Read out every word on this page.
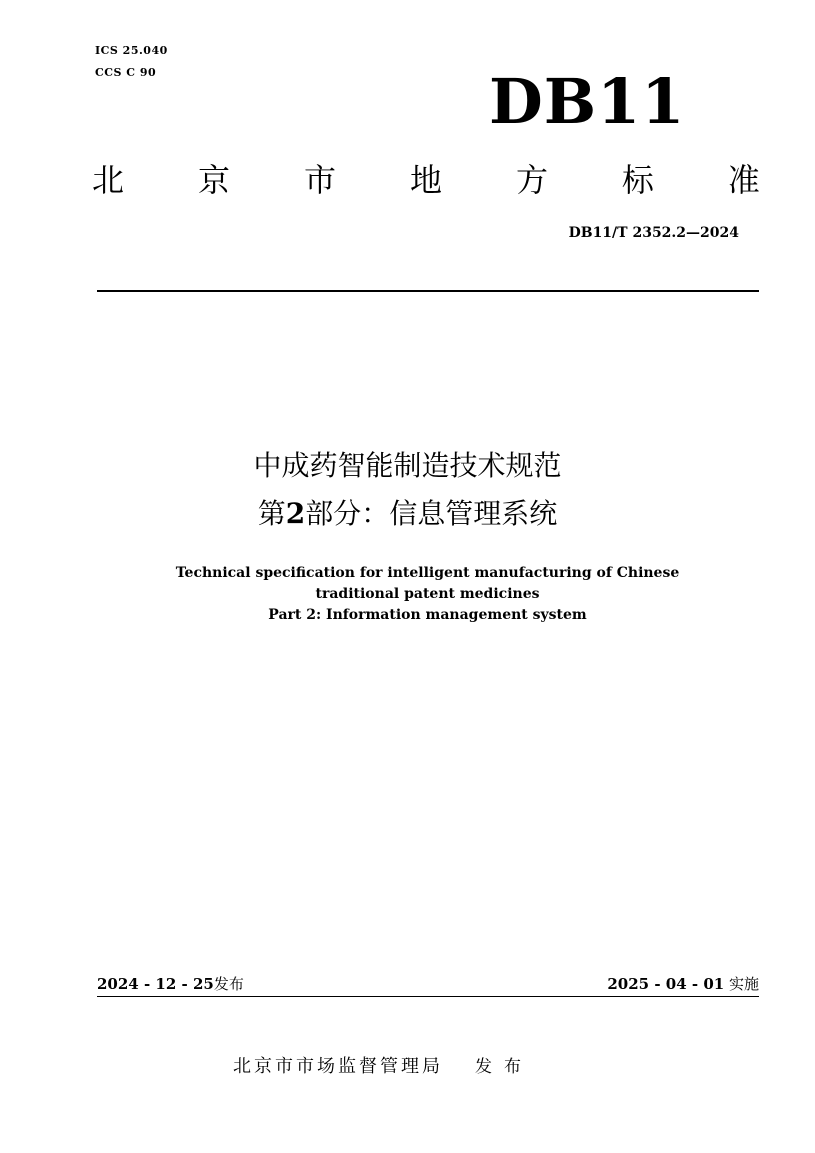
ICS 25.040
CCS C 90	DB11
北 京 市 地 方 标 准
DB11/T 2352.2—2024
中成药智能制造技术规范
第2部分：信息管理系统
Technical specification for intelligent manufacturing of Chinese
traditional patent medicines
Part 2: Information management system
2024 - 12 - 25发布	2025 - 04 - 01 实施
北京市市场监督管理局 发布
